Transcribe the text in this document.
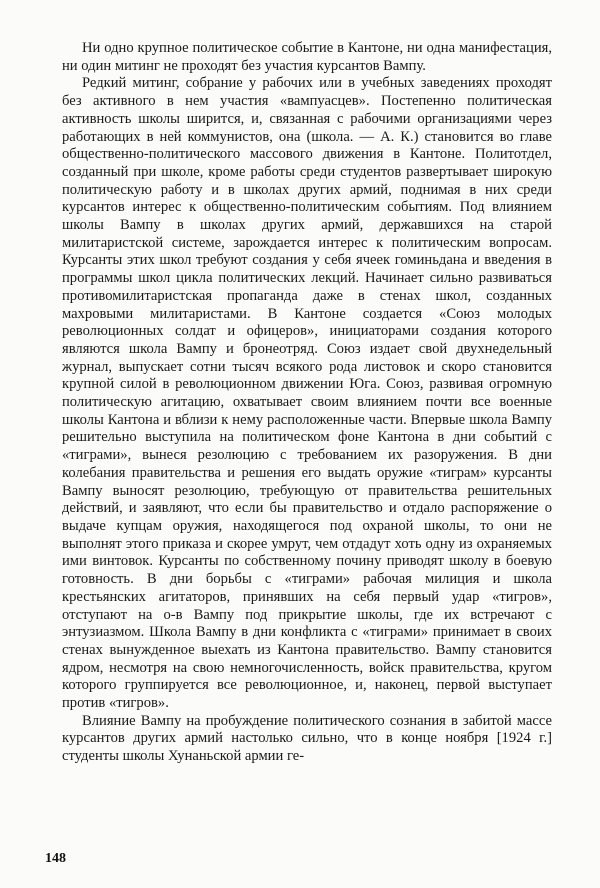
Ни одно крупное политическое событие в Кантоне, ни одна манифестация, ни один митинг не проходят без участия курсантов Вампу.

Редкий митинг, собрание у рабочих или в учебных заведениях проходят без активного в нем участия «вампуасцев». Постепенно политическая активность школы ширится, и, связанная с рабочими организациями через работающих в ней коммунистов, она (школа. — А. К.) становится во главе общественно-политического массового движения в Кантоне. Политотдел, созданный при школе, кроме работы среди студентов развертывает широкую политическую работу и в школах других армий, поднимая в них среди курсантов интерес к общественно-политическим событиям. Под влиянием школы Вампу в школах других армий, державшихся на старой милитаристской системе, зарождается интерес к политическим вопросам. Курсанты этих школ требуют создания у себя ячеек гоминьдана и введения в программы школ цикла политических лекций. Начинает сильно развиваться противомилитаристская пропаганда даже в стенах школ, созданных махровыми милитаристами. В Кантоне создается «Союз молодых революционных солдат и офицеров», инициаторами создания которого являются школа Вампу и бронеотряд. Союз издает свой двухнедельный журнал, выпускает сотни тысяч всякого рода листовок и скоро становится крупной силой в революционном движении Юга. Союз, развивая огромную политическую агитацию, охватывает своим влиянием почти все военные школы Кантона и вблизи к нему расположенные части. Впервые школа Вампу решительно выступила на политическом фоне Кантона в дни событий с «тиграми», вынеся резолюцию с требованием их разоружения. В дни колебания правительства и решения его выдать оружие «тиграм» курсанты Вампу выносят резолюцию, требующую от правительства решительных действий, и заявляют, что если бы правительство и отдало распоряжение о выдаче купцам оружия, находящегося под охраной школы, то они не выполнят этого приказа и скорее умрут, чем отдадут хоть одну из охраняемых ими винтовок. Курсанты по собственному почину приводят школу в боевую готовность. В дни борьбы с «тиграми» рабочая милиция и школа крестьянских агитаторов, принявших на себя первый удар «тигров», отступают на о-в Вампу под прикрытие школы, где их встречают с энтузиазмом. Школа Вампу в дни конфликта с «тиграми» принимает в своих стенах вынужденное выехать из Кантона правительство. Вампу становится ядром, несмотря на свою немногочисленность, войск правительства, кругом которого группируется все революционное, и, наконец, первой выступает против «тигров».

Влияние Вампу на пробуждение политического сознания в забитой массе курсантов других армий настолько сильно, что в конце ноября [1924 г.] студенты школы Хунаньской армии ге-

148
